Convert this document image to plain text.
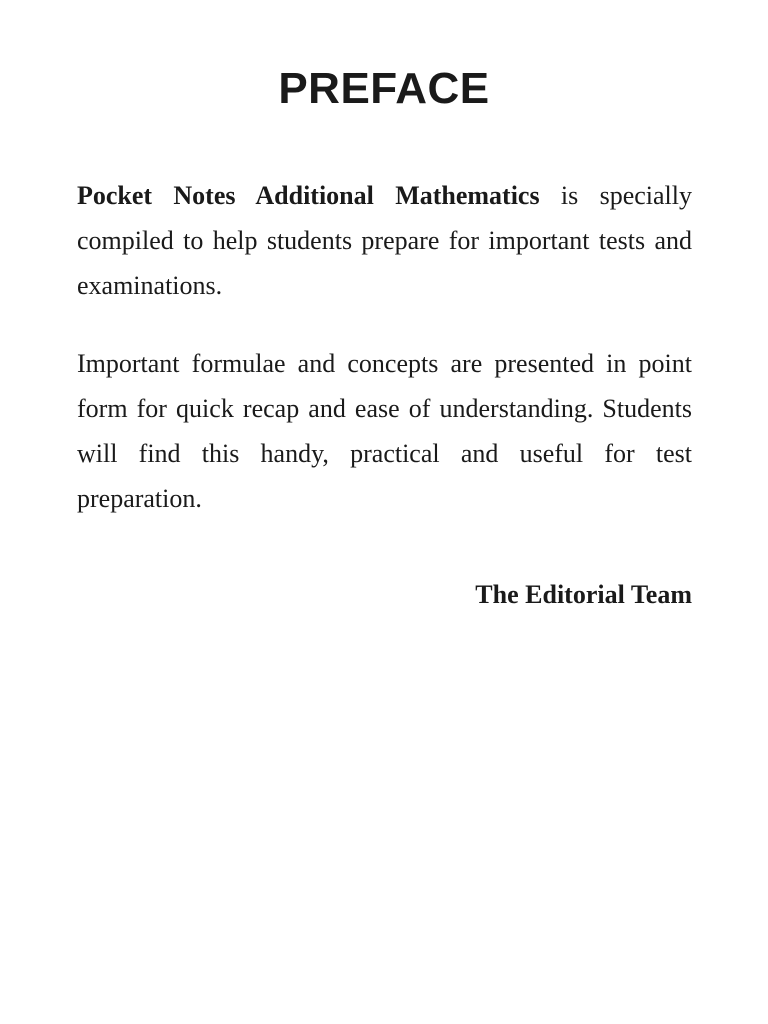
PREFACE

Pocket Notes Additional Mathematics is specially compiled to help students prepare for important tests and examinations.

Important formulae and concepts are presented in point form for quick recap and ease of understanding. Students will find this handy, practical and useful for test preparation.

The Editorial Team
